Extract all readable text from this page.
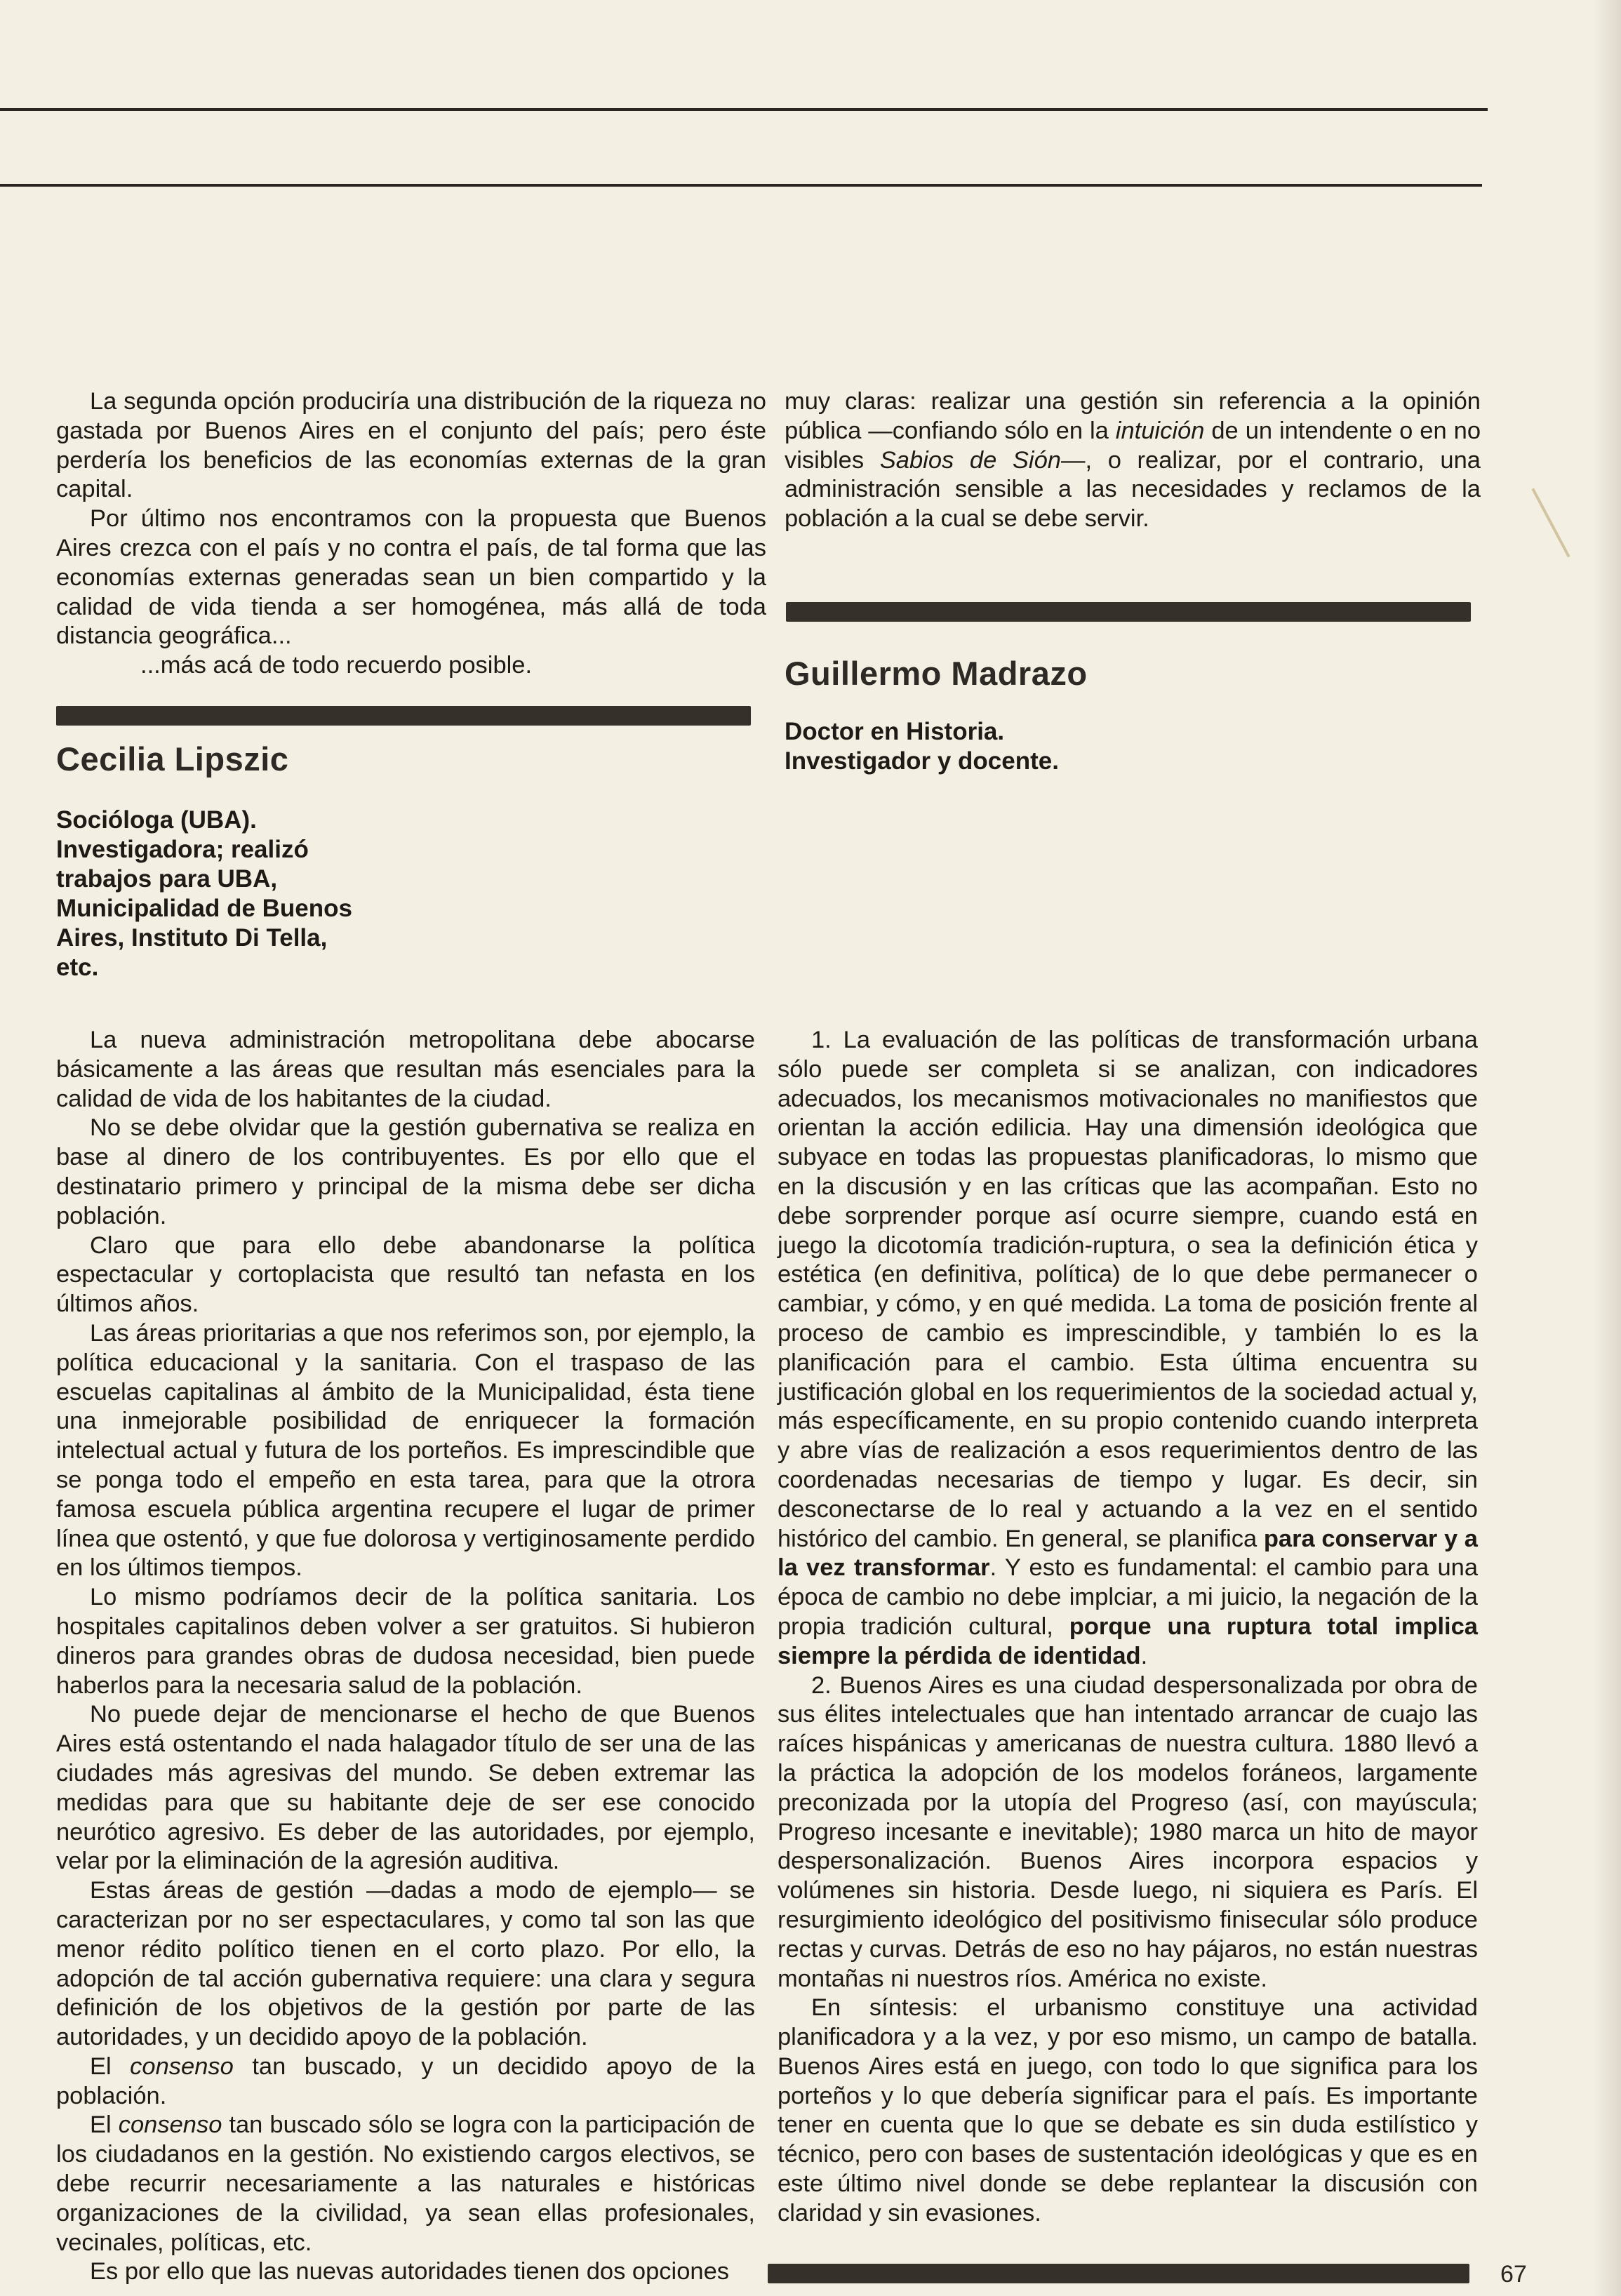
La segunda opción produciría una distribución de la riqueza no gastada por Buenos Aires en el conjunto del país; pero éste perdería los beneficios de las economías externas de la gran capital.

Por último nos encontramos con la propuesta que Buenos Aires crezca con el país y no contra el país, de tal forma que las economías externas generadas sean un bien compartido y la calidad de vida tienda a ser homogénea, más allá de toda distancia geográfica...

...más acá de todo recuerdo posible.

muy claras: realizar una gestión sin referencia a la opinión pública —confiando sólo en la intuición de un intendente o en no visibles Sabios de Sión—, o realizar, por el contrario, una administración sensible a las necesidades y reclamos de la población a la cual se debe servir.

Cecilia Lipszic
Socióloga (UBA).
Investigadora; realizó
trabajos para UBA,
Municipalidad de Buenos
Aires, Instituto Di Tella,
etc.
Guillermo Madrazo
Doctor en Historia.
Investigador y docente.

La nueva administración metropolitana debe abocarse básicamente a las áreas que resultan más esenciales para la calidad de vida de los habitantes de la ciudad.

No se debe olvidar que la gestión gubernativa se realiza en base al dinero de los contribuyentes. Es por ello que el destinatario primero y principal de la misma debe ser dicha población.

Claro que para ello debe abandonarse la política espectacular y cortoplacista que resultó tan nefasta en los últimos años.

Las áreas prioritarias a que nos referimos son, por ejemplo, la política educacional y la sanitaria. Con el traspaso de las escuelas capitalinas al ámbito de la Municipalidad, ésta tiene una inmejorable posibilidad de enriquecer la formación intelectual actual y futura de los porteños. Es imprescindible que se ponga todo el empeño en esta tarea, para que la otrora famosa escuela pública argentina recupere el lugar de primer línea que ostentó, y que fue dolorosa y vertiginosamente perdido en los últimos tiempos.

Lo mismo podríamos decir de la política sanitaria. Los hospitales capitalinos deben volver a ser gratuitos. Si hubieron dineros para grandes obras de dudosa necesidad, bien puede haberlos para la necesaria salud de la población.

No puede dejar de mencionarse el hecho de que Buenos Aires está ostentando el nada halagador título de ser una de las ciudades más agresivas del mundo. Se deben extremar las medidas para que su habitante deje de ser ese conocido neurótico agresivo. Es deber de las autoridades, por ejemplo, velar por la eliminación de la agresión auditiva.

Estas áreas de gestión —dadas a modo de ejemplo— se caracterizan por no ser espectaculares, y como tal son las que menor rédito político tienen en el corto plazo. Por ello, la adopción de tal acción gubernativa requiere: una clara y segura definición de los objetivos de la gestión por parte de las autoridades, y un decidido apoyo de la población.

El consenso tan buscado, y un decidido apoyo de la población.

El consenso tan buscado sólo se logra con la participación de los ciudadanos en la gestión. No existiendo cargos electivos, se debe recurrir necesariamente a las naturales e históricas organizaciones de la civilidad, ya sean ellas profesionales, vecinales, políticas, etc.

Es por ello que las nuevas autoridades tienen dos opciones

1. La evaluación de las políticas de transformación urbana sólo puede ser completa si se analizan, con indicadores adecuados, los mecanismos motivacionales no manifiestos que orientan la acción edilicia. Hay una dimensión ideológica que subyace en todas las propuestas planificadoras, lo mismo que en la discusión y en las críticas que las acompañan. Esto no debe sorprender porque así ocurre siempre, cuando está en juego la dicotomía tradición-ruptura, o sea la definición ética y estética (en definitiva, política) de lo que debe permanecer o cambiar, y cómo, y en qué medida. La toma de posición frente al proceso de cambio es imprescindible, y también lo es la planificación para el cambio. Esta última encuentra su justificación global en los requerimientos de la sociedad actual y, más específicamente, en su propio contenido cuando interpreta y abre vías de realización a esos requerimientos dentro de las coordenadas necesarias de tiempo y lugar. Es decir, sin desconectarse de lo real y actuando a la vez en el sentido histórico del cambio. En general, se planifica para conservar y a la vez transformar. Y esto es fundamental: el cambio para una época de cambio no debe implciar, a mi juicio, la negación de la propia tradición cultural, porque una ruptura total implica siempre la pérdida de identidad.

2. Buenos Aires es una ciudad despersonalizada por obra de sus élites intelectuales que han intentado arrancar de cuajo las raíces hispánicas y americanas de nuestra cultura. 1880 llevó a la práctica la adopción de los modelos foráneos, largamente preconizada por la utopía del Progreso (así, con mayúscula; Progreso incesante e inevitable); 1980 marca un hito de mayor despersonalización. Buenos Aires incorpora espacios y volúmenes sin historia. Desde luego, ni siquiera es París. El resurgimiento ideológico del positivismo finisecular sólo produce rectas y curvas. Detrás de eso no hay pájaros, no están nuestras montañas ni nuestros ríos. América no existe.

En síntesis: el urbanismo constituye una actividad planificadora y a la vez, y por eso mismo, un campo de batalla. Buenos Aires está en juego, con todo lo que significa para los porteños y lo que debería significar para el país. Es importante tener en cuenta que lo que se debate es sin duda estilístico y técnico, pero con bases de sustentación ideológicas y que es en este último nivel donde se debe replantear la discusión con claridad y sin evasiones.

67
